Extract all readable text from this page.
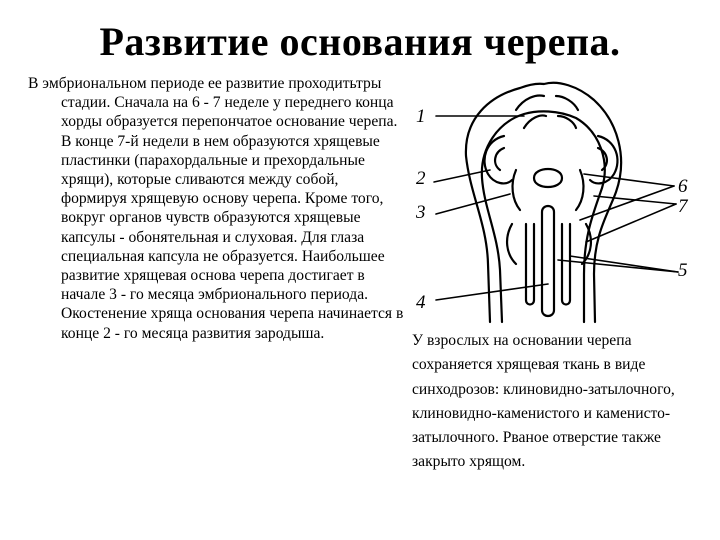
Развитие основания черепа.

В эмбриональном периоде ее развитие проходитьтры стадии. Сначала на 6 - 7 неделе у переднего конца хорды образуется перепончатое основание черепа. В конце 7-й недели в нем образуются хрящевые пластинки (парахордальные и прехордальные хрящи), которые сливаются между собой, формируя хрящевую основу черепа. Кроме того, вокруг органов чувств образуются хрящевые капсулы - обонятельная и слуховая. Для глаза специальная капсула не образуется. Наибольшее развитие хрящевая основа черепа достигает в начале 3 - го месяца эмбрионального периода. Окостенение хряща основания черепа начинается в конце 2 - го месяца развития зародыша.

1
2
3
4
5
6
7

У взрослых на основании черепа сохраняется хрящевая ткань в виде синходрозов: клиновидно-затылочного, клиновидно-каменистого и каменисто-затылочного. Рваное отверстие также закрыто хрящом.
